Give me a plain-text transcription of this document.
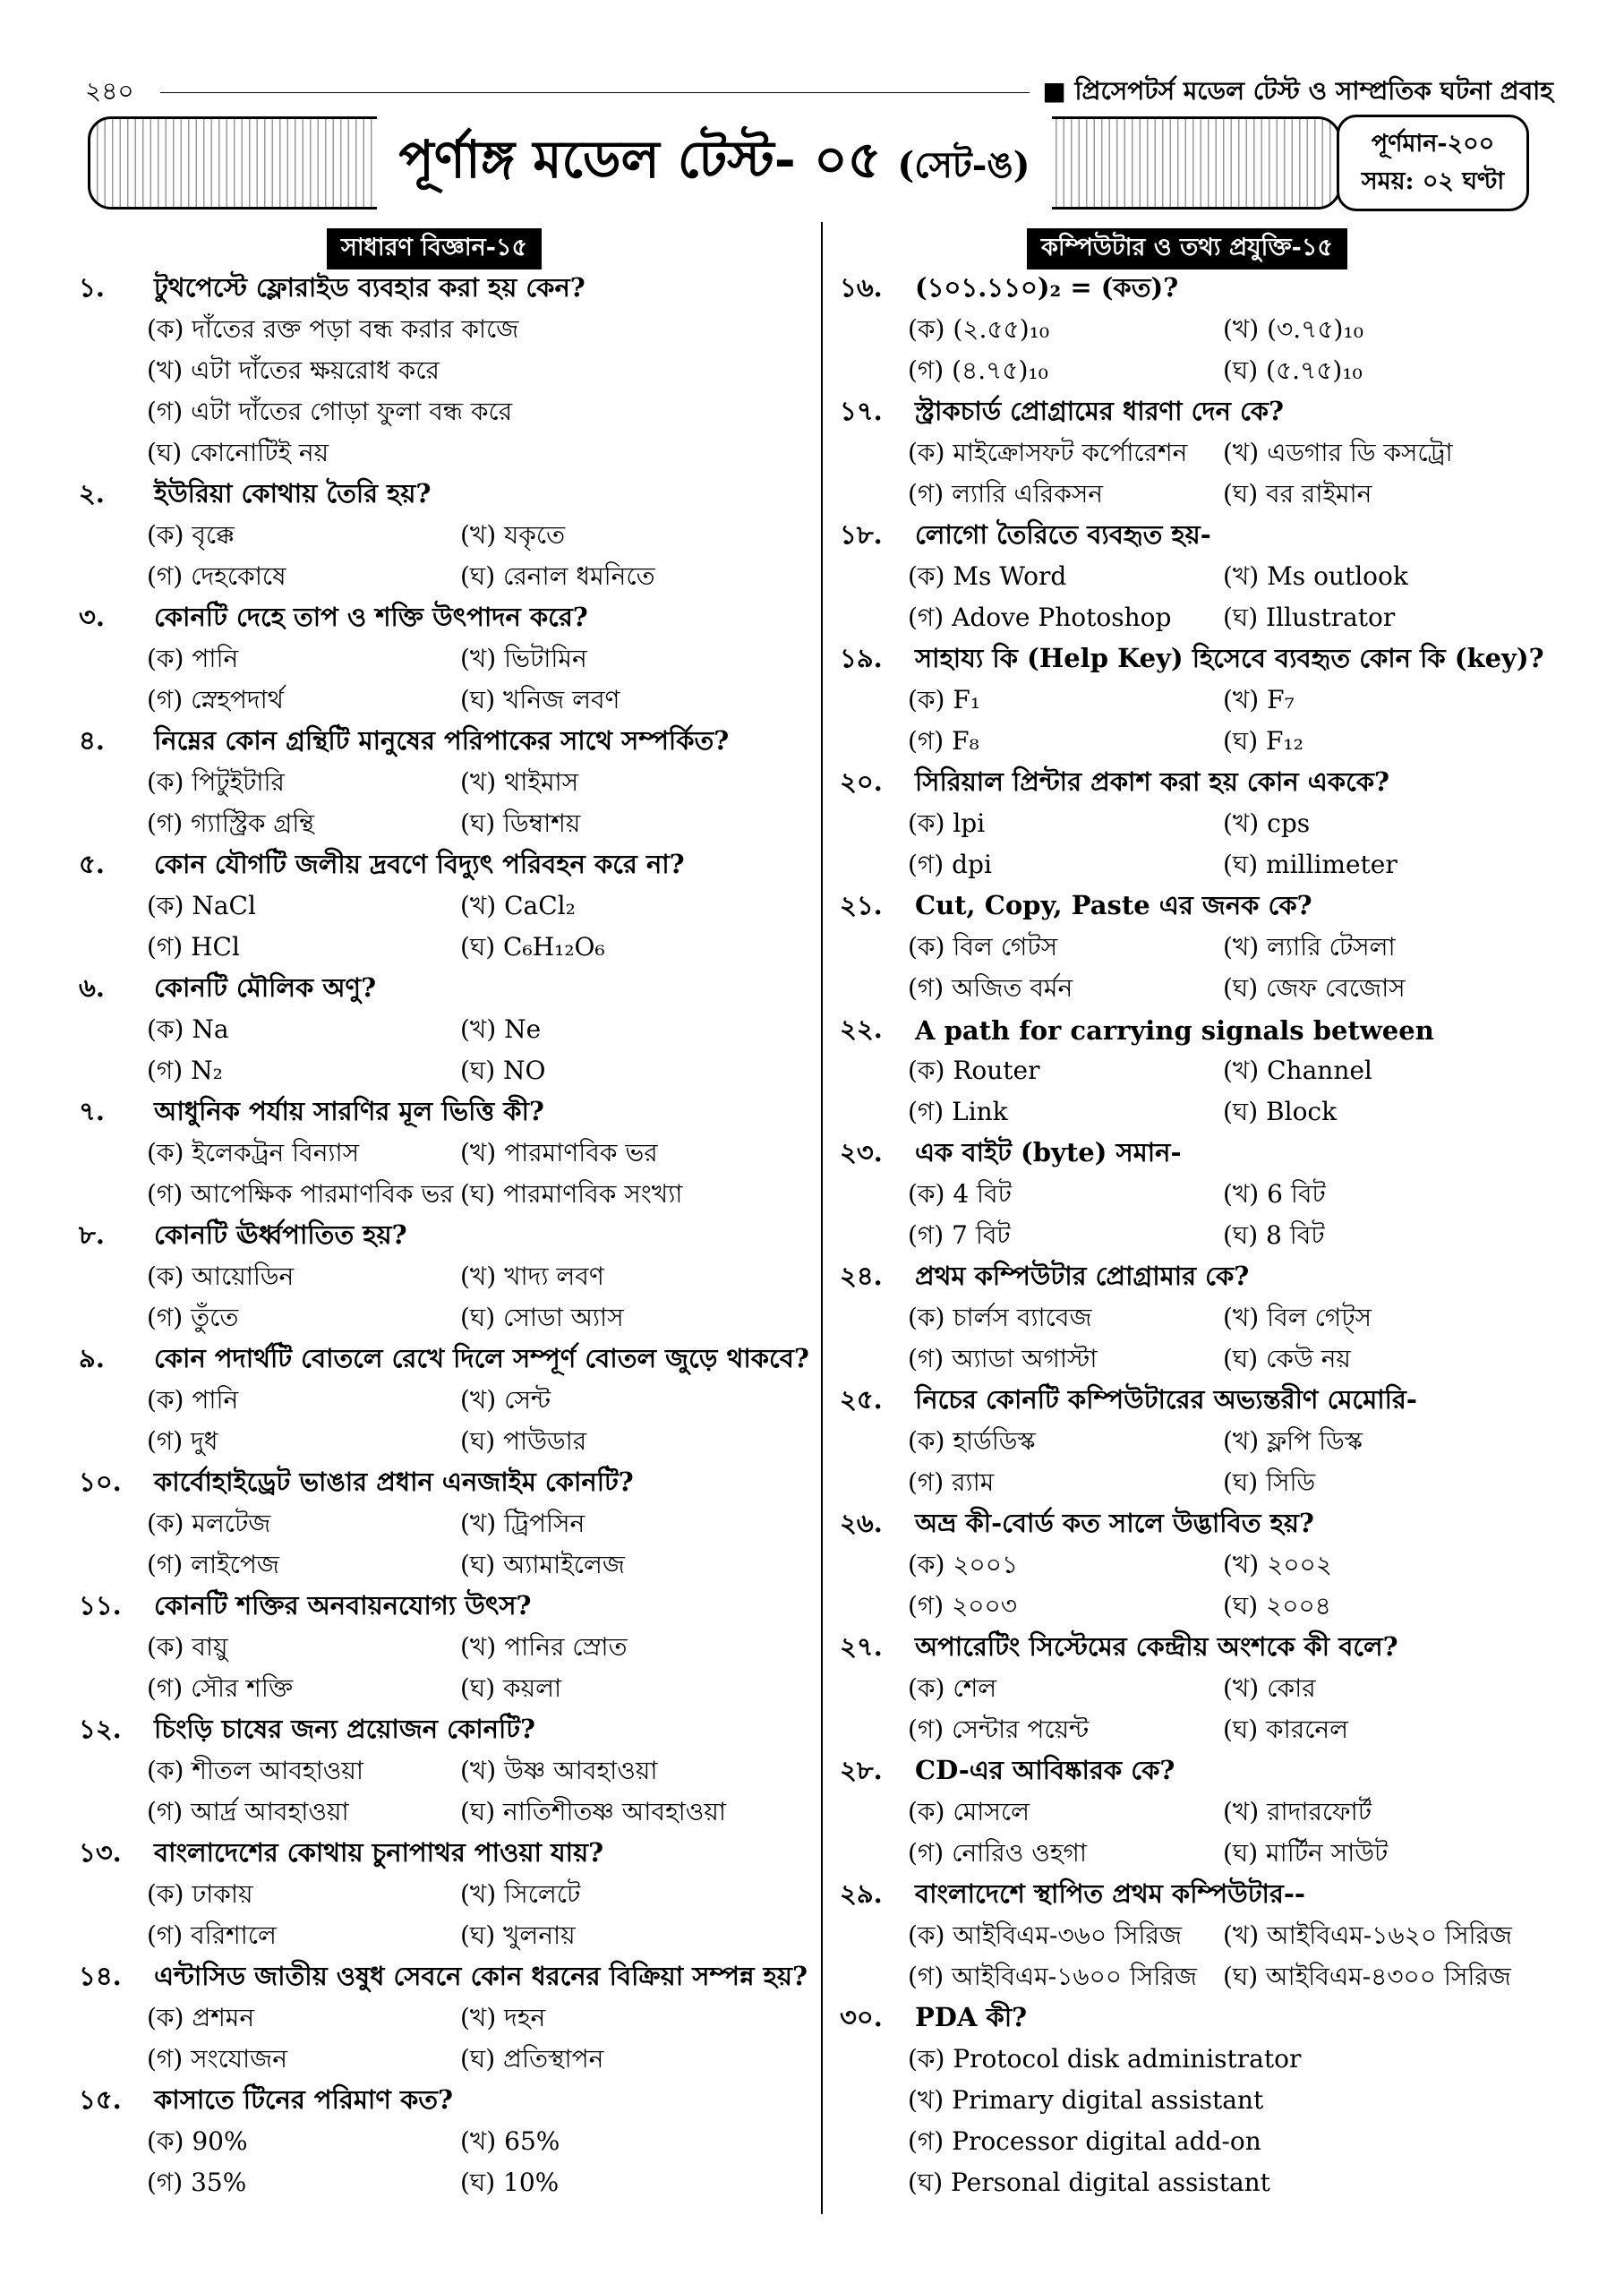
২৪০	■ প্রিসেপটর্স মডেল টেস্ট ও সাম্প্রতিক ঘটনা প্রবাহ
পূর্ণাঙ্গ মডেল টেস্ট- ০৫ (সেট-ঙ)	পূর্ণমান-২০০
সময়: ০২ ঘণ্টা
সাধারণ বিজ্ঞান-১৫	কম্পিউটার ও তথ্য প্রযুক্তি-১৫
১.	টুথপেস্টে ফ্লোরাইড ব্যবহার করা হয় কেন?
(ক) দাঁতের রক্ত পড়া বন্ধ করার কাজে
(খ) এটা দাঁতের ক্ষয়রোধ করে
(গ) এটা দাঁতের গোড়া ফুলা বন্ধ করে
(ঘ) কোনোটিই নয়
২.	ইউরিয়া কোথায় তৈরি হয়?
(ক) বৃক্কে	(খ) যকৃতে
(গ) দেহকোষে	(ঘ) রেনাল ধমনিতে
৩.	কোনটি দেহে তাপ ও শক্তি উৎপাদন করে?
(ক) পানি	(খ) ভিটামিন
(গ) স্নেহপদার্থ	(ঘ) খনিজ লবণ
৪.	নিম্নের কোন গ্রন্থিটি মানুষের পরিপাকের সাথে সম্পর্কিত?
(ক) পিটুইটারি	(খ) থাইমাস
(গ) গ্যাস্ট্রিক গ্রন্থি	(ঘ) ডিম্বাশয়
৫.	কোন যৌগটি জলীয় দ্রবণে বিদ্যুৎ পরিবহন করে না?
(ক) NaCl	(খ) CaCl₂
(গ) HCl	(ঘ) C₆H₁₂O₆
৬.	কোনটি মৌলিক অণু?
(ক) Na	(খ) Ne
(গ) N₂	(ঘ) NO
৭.	আধুনিক পর্যায় সারণির মূল ভিত্তি কী?
(ক) ইলেকট্রন বিন্যাস	(খ) পারমাণবিক ভর
(গ) আপেক্ষিক পারমাণবিক ভর (ঘ) পারমাণবিক সংখ্যা
৮.	কোনটি ঊর্ধ্বপাতিত হয়?
(ক) আয়োডিন	(খ) খাদ্য লবণ
(গ) তুঁতে	(ঘ) সোডা অ্যাস
৯.	কোন পদার্থটি বোতলে রেখে দিলে সম্পূর্ণ বোতল জুড়ে থাকবে?
(ক) পানি	(খ) সেন্ট
(গ) দুধ	(ঘ) পাউডার
১০.	কার্বোহাইড্রেট ভাঙার প্রধান এনজাইম কোনটি?
(ক) মলটেজ	(খ) ট্রিপসিন
(গ) লাইপেজ	(ঘ) অ্যামাইলেজ
১১.	কোনটি শক্তির অনবায়নযোগ্য উৎস?
(ক) বায়ু	(খ) পানির স্রোত
(গ) সৌর শক্তি	(ঘ) কয়লা
১২.	চিংড়ি চাষের জন্য প্রয়োজন কোনটি?
(ক) শীতল আবহাওয়া	(খ) উষ্ণ আবহাওয়া
(গ) আর্দ্র আবহাওয়া	(ঘ) নাতিশীতষ্ণ আবহাওয়া
১৩.	বাংলাদেশের কোথায় চুনাপাথর পাওয়া যায়?
(ক) ঢাকায়	(খ) সিলেটে
(গ) বরিশালে	(ঘ) খুলনায়
১৪.	এন্টাসিড জাতীয় ওষুধ সেবনে কোন ধরনের বিক্রিয়া সম্পন্ন হয়?
(ক) প্রশমন	(খ) দহন
(গ) সংযোজন	(ঘ) প্রতিস্থাপন
১৫.	কাসাতে টিনের পরিমাণ কত?
(ক) 90%	(খ) 65%
(গ) 35%	(ঘ) 10%
১৬.	(১০১.১১০)₂ = (কত)?
(ক) (২.৫৫)₁₀	(খ) (৩.৭৫)₁₀
(গ) (৪.৭৫)₁₀	(ঘ) (৫.৭৫)₁₀
১৭.	স্ট্রাকচার্ড প্রোগ্রামের ধারণা দেন কে?
(ক) মাইক্রোসফট কর্পোরেশন	(খ) এডগার ডি কসট্রো
(গ) ল্যারি এরিকসন	(ঘ) বর রাইমান
১৮.	লোগো তৈরিতে ব্যবহৃত হয়-
(ক) Ms Word	(খ) Ms outlook
(গ) Adove Photoshop	(ঘ) Illustrator
১৯.	সাহায্য কি (Help Key) হিসেবে ব্যবহৃত কোন কি (key)?
(ক) F₁	(খ) F₇
(গ) F₈	(ঘ) F₁₂
২০.	সিরিয়াল প্রিন্টার প্রকাশ করা হয় কোন এককে?
(ক) lpi	(খ) cps
(গ) dpi	(ঘ) millimeter
২১.	Cut, Copy, Paste এর জনক কে?
(ক) বিল গেটস	(খ) ল্যারি টেসলা
(গ) অজিত বর্মন	(ঘ) জেফ বেজোস
২২.	A path for carrying signals between
(ক) Router	(খ) Channel
(গ) Link	(ঘ) Block
২৩.	এক বাইট (byte) সমান-
(ক) 4 বিট	(খ) 6 বিট
(গ) 7 বিট	(ঘ) 8 বিট
২৪.	প্রথম কম্পিউটার প্রোগ্রামার কে?
(ক) চার্লস ব্যাবেজ	(খ) বিল গেট্স
(গ) অ্যাডা অগাস্টা	(ঘ) কেউ নয়
২৫.	নিচের কোনটি কম্পিউটারের অভ্যন্তরীণ মেমোরি-
(ক) হার্ডডিস্ক	(খ) ফ্লপি ডিস্ক
(গ) র‍্যাম	(ঘ) সিডি
২৬.	অভ্র কী-বোর্ড কত সালে উদ্ভাবিত হয়?
(ক) ২০০১	(খ) ২০০২
(গ) ২০০৩	(ঘ) ২০০৪
২৭.	অপারেটিং সিস্টেমের কেন্দ্রীয় অংশকে কী বলে?
(ক) শেল	(খ) কোর
(গ) সেন্টার পয়েন্ট	(ঘ) কারনেল
২৮.	CD-এর আবিষ্কারক কে?
(ক) মোসলে	(খ) রাদারফোর্ট
(গ) নোরিও ওহগা	(ঘ) মার্টিন সাউট
২৯.	বাংলাদেশে স্থাপিত প্রথম কম্পিউটার--
(ক) আইবিএম-৩৬০ সিরিজ	(খ) আইবিএম-১৬২০ সিরিজ
(গ) আইবিএম-১৬০০ সিরিজ	(ঘ) আইবিএম-৪৩০০ সিরিজ
৩০.	PDA কী?
(ক) Protocol disk administrator
(খ) Primary digital assistant
(গ) Processor digital add-on
(ঘ) Personal digital assistant
